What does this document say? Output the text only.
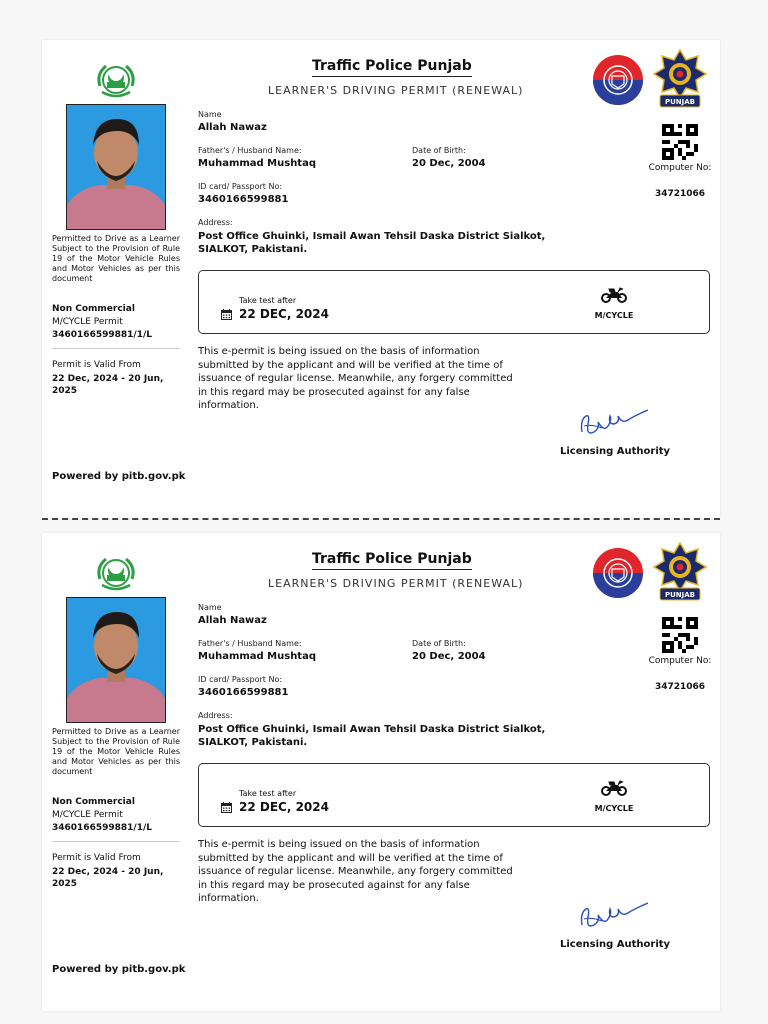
Permitted to Drive as a Learner Subject to the Provision of Rule 19 of the Motor Vehicle Rules and Motor Vehicles as per this document
Non Commercial
M/CYCLE Permit
3460166599881/1/L
Permit is Valid From
22 Dec, 2024 - 20 Jun, 2025
Powered by pitb.gov.pk
Traffic Police Punjab
LEARNER'S DRIVING PERMIT (RENEWAL)
PUNJAB
Name
Allah Nawaz
Father's / Husband Name:
Muhammad Mushtaq
Date of Birth:
20 Dec, 2004
ID card/ Passport No:
3460166599881
Address:
Post Office Ghuinki, Ismail Awan Tehsil Daska District Sialkot, SIALKOT, Pakistani.
Computer No:
34721066
Take test after
22 DEC, 2024	M/CYCLE
This e-permit is being issued on the basis of information submitted by the applicant and will be verified at the time of issuance of regular license. Meanwhile, any forgery committed in this regard may be prosecuted against for any false information.
Licensing Authority
Permitted to Drive as a Learner Subject to the Provision of Rule 19 of the Motor Vehicle Rules and Motor Vehicles as per this document
Non Commercial
M/CYCLE Permit
3460166599881/1/L
Permit is Valid From
22 Dec, 2024 - 20 Jun, 2025
Powered by pitb.gov.pk
Traffic Police Punjab
LEARNER'S DRIVING PERMIT (RENEWAL)
PUNJAB
Name
Allah Nawaz
Father's / Husband Name:
Muhammad Mushtaq
Date of Birth:
20 Dec, 2004
ID card/ Passport No:
3460166599881
Address:
Post Office Ghuinki, Ismail Awan Tehsil Daska District Sialkot, SIALKOT, Pakistani.
Computer No:
34721066
Take test after
22 DEC, 2024	M/CYCLE
This e-permit is being issued on the basis of information submitted by the applicant and will be verified at the time of issuance of regular license. Meanwhile, any forgery committed in this regard may be prosecuted against for any false information.
Licensing Authority
